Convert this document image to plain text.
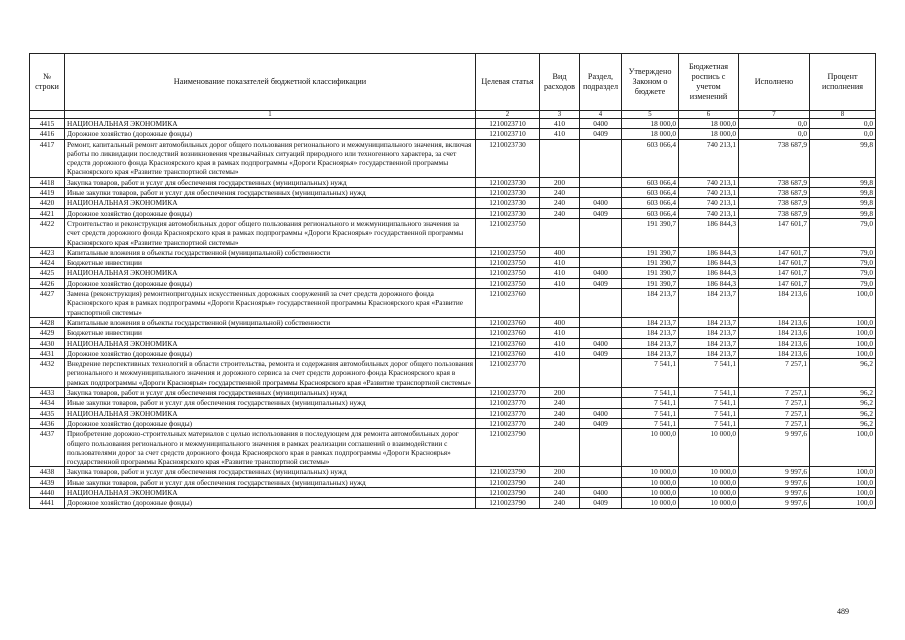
№ строки	Наименование показателей бюджетной классификации	Целевая статья	Вид расходов	Раздел, подраздел	Утверждено Законом о бюджете	Бюджетная роспись с учетом изменений	Исполнено	Процент исполнения
	1	2	3	4	5	6	7	8
4415	НАЦИОНАЛЬНАЯ ЭКОНОМИКА	1210023710	410	0400	18 000,0	18 000,0	0,0	0,0
4416	Дорожное хозяйство (дорожные фонды)	1210023710	410	0409	18 000,0	18 000,0	0,0	0,0
4417	Ремонт, капитальный ремонт автомобильных дорог общего пользования регионального и межмуниципального значения, включая работы по ликвидации последствий возникновения чрезвычайных ситуаций природного или техногенного характера, за счет средств дорожного фонда Красноярского края в рамках подпрограммы «Дороги Красноярья» государственной программы Красноярского края «Развитие транспортной системы»	1210023730			603 066,4	740 213,1	738 687,9	99,8
4418	Закупка товаров, работ и услуг для обеспечения государственных (муниципальных) нужд	1210023730	200		603 066,4	740 213,1	738 687,9	99,8
4419	Иные закупки товаров, работ и услуг для обеспечения государственных (муниципальных) нужд	1210023730	240		603 066,4	740 213,1	738 687,9	99,8
4420	НАЦИОНАЛЬНАЯ ЭКОНОМИКА	1210023730	240	0400	603 066,4	740 213,1	738 687,9	99,8
4421	Дорожное хозяйство (дорожные фонды)	1210023730	240	0409	603 066,4	740 213,1	738 687,9	99,8
4422	Строительство и реконструкция автомобильных дорог общего пользования регионального и межмуниципального значения за счет средств дорожного фонда Красноярского края в рамках подпрограммы «Дороги Красноярья» государственной программы Красноярского края «Развитие транспортной системы»	1210023750			191 390,7	186 844,3	147 601,7	79,0
4423	Капитальные вложения в объекты государственной (муниципальной) собственности	1210023750	400		191 390,7	186 844,3	147 601,7	79,0
4424	Бюджетные инвестиции	1210023750	410		191 390,7	186 844,3	147 601,7	79,0
4425	НАЦИОНАЛЬНАЯ ЭКОНОМИКА	1210023750	410	0400	191 390,7	186 844,3	147 601,7	79,0
4426	Дорожное хозяйство (дорожные фонды)	1210023750	410	0409	191 390,7	186 844,3	147 601,7	79,0
4427	Замена (реконструкция) ремонтнопригодных искусственных дорожных сооружений за счет средств дорожного фонда Красноярского края в рамках подпрограммы «Дороги Красноярья» государственной программы Красноярского края «Развитие транспортной системы»	1210023760			184 213,7	184 213,7	184 213,6	100,0
4428	Капитальные вложения в объекты государственной (муниципальной) собственности	1210023760	400		184 213,7	184 213,7	184 213,6	100,0
4429	Бюджетные инвестиции	1210023760	410		184 213,7	184 213,7	184 213,6	100,0
4430	НАЦИОНАЛЬНАЯ ЭКОНОМИКА	1210023760	410	0400	184 213,7	184 213,7	184 213,6	100,0
4431	Дорожное хозяйство (дорожные фонды)	1210023760	410	0409	184 213,7	184 213,7	184 213,6	100,0
4432	Внедрение перспективных технологий в области строительства, ремонта и содержания автомобильных дорог общего пользования регионального и межмуниципального значения и дорожного сервиса за счет средств дорожного фонда Красноярского края в рамках подпрограммы «Дороги Красноярья» государственной программы Красноярского края «Развитие транспортной системы»	1210023770			7 541,1	7 541,1	7 257,1	96,2
4433	Закупка товаров, работ и услуг для обеспечения государственных (муниципальных) нужд	1210023770	200		7 541,1	7 541,1	7 257,1	96,2
4434	Иные закупки товаров, работ и услуг для обеспечения государственных (муниципальных) нужд	1210023770	240		7 541,1	7 541,1	7 257,1	96,2
4435	НАЦИОНАЛЬНАЯ ЭКОНОМИКА	1210023770	240	0400	7 541,1	7 541,1	7 257,1	96,2
4436	Дорожное хозяйство (дорожные фонды)	1210023770	240	0409	7 541,1	7 541,1	7 257,1	96,2
4437	Приобретение дорожно-строительных материалов с целью использования в последующем для ремонта автомобильных дорог общего пользования регионального и межмуниципального значения в рамках реализации соглашений о взаимодействии с пользователями дорог за счет средств дорожного фонда Красноярского края в рамках подпрограммы «Дороги Красноярья» государственной программы Красноярского края «Развитие транспортной системы»	1210023790			10 000,0	10 000,0	9 997,6	100,0
4438	Закупка товаров, работ и услуг для обеспечения государственных (муниципальных) нужд	1210023790	200		10 000,0	10 000,0	9 997,6	100,0
4439	Иные закупки товаров, работ и услуг для обеспечения государственных (муниципальных) нужд	1210023790	240		10 000,0	10 000,0	9 997,6	100,0
4440	НАЦИОНАЛЬНАЯ ЭКОНОМИКА	1210023790	240	0400	10 000,0	10 000,0	9 997,6	100,0
4441	Дорожное хозяйство (дорожные фонды)	1210023790	240	0409	10 000,0	10 000,0	9 997,6	100,0
489
